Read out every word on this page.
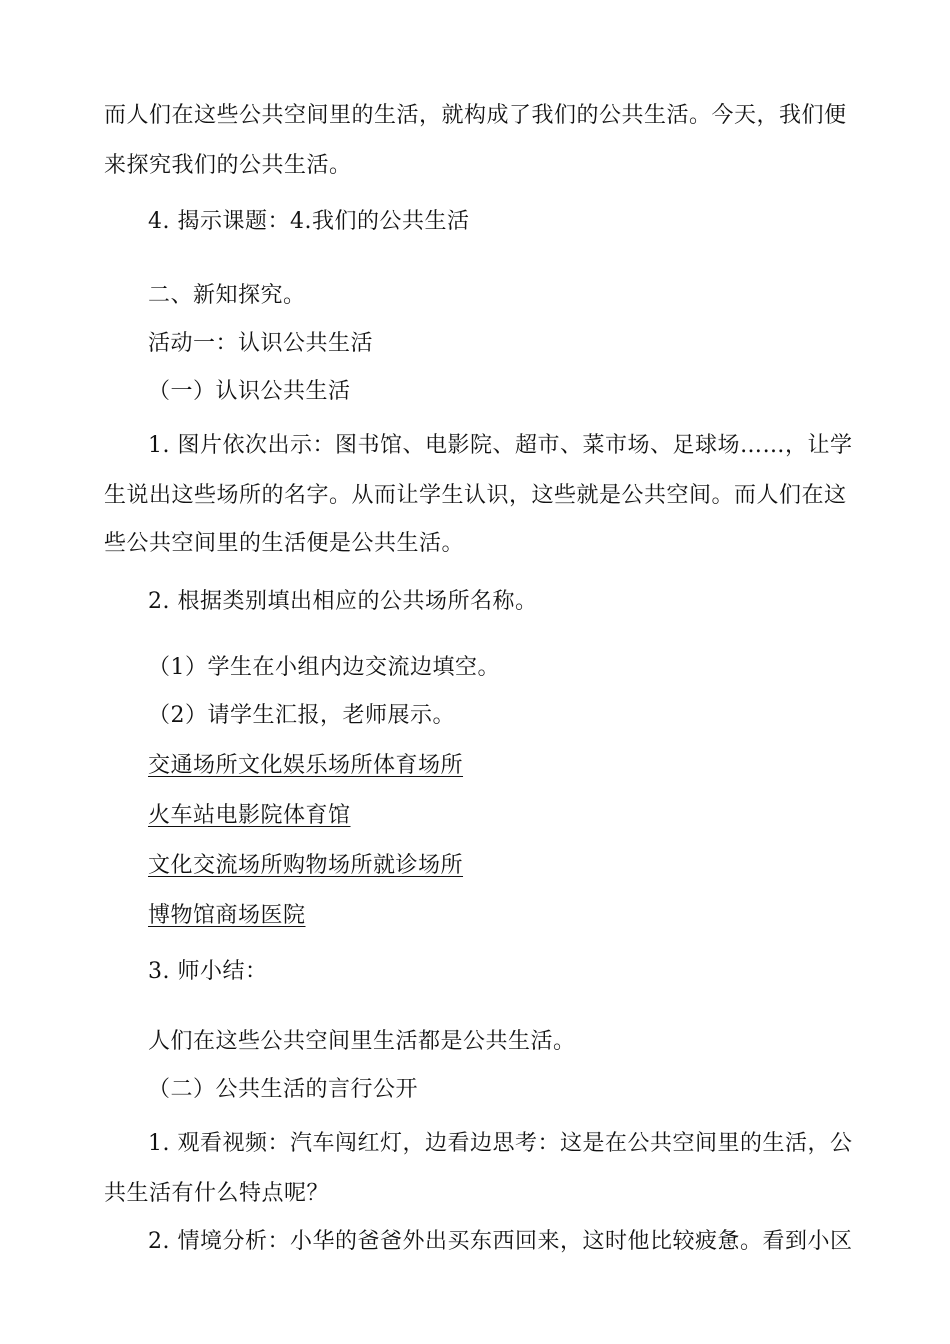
而人们在这些公共空间里的生活，就构成了我们的公共生活。今天，我们便
来探究我们的公共生活。
4. 揭示课题：4.我们的公共生活
二、新知探究。
活动一：认识公共生活
（一）认识公共生活
1. 图片依次出示：图书馆、电影院、超市、菜市场、足球场……，让学
生说出这些场所的名字。从而让学生认识，这些就是公共空间。而人们在这
些公共空间里的生活便是公共生活。
2. 根据类别填出相应的公共场所名称。
（1）学生在小组内边交流边填空。
（2）请学生汇报，老师展示。
交通场所文化娱乐场所体育场所
火车站电影院体育馆
文化交流场所购物场所就诊场所
博物馆商场医院
3. 师小结：
人们在这些公共空间里生活都是公共生活。
（二）公共生活的言行公开
1. 观看视频：汽车闯红灯，边看边思考：这是在公共空间里的生活，公
共生活有什么特点呢？
2. 情境分析：小华的爸爸外出买东西回来，这时他比较疲惫。看到小区
